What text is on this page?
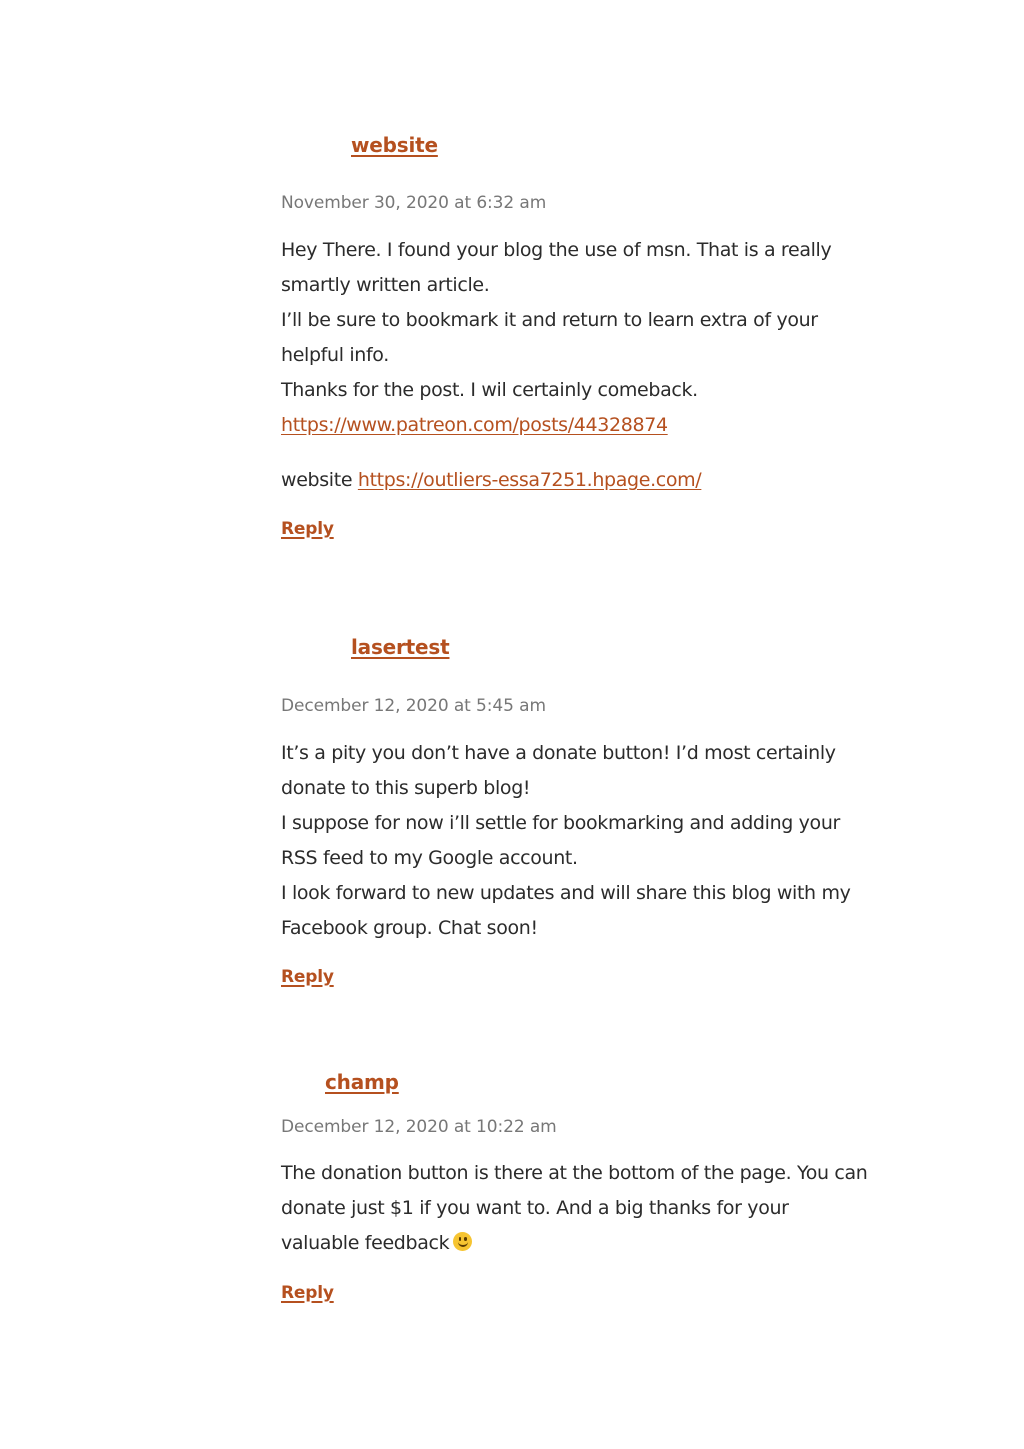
website
November 30, 2020 at 6:32 am

Hey There. I found your blog the use of msn. That is a really smartly written article.

I’ll be sure to bookmark it and return to learn extra of your helpful info.

Thanks for the post. I wil certainly comeback.

https://www.patreon.com/posts/44328874

website https://outliers-essa7251.hpage.com/

Reply
lasertest
December 12, 2020 at 5:45 am

It’s a pity you don’t have a donate button! I’d most certainly donate to this superb blog!

I suppose for now i’ll settle for bookmarking and adding your RSS feed to my Google account.

I look forward to new updates and will share this blog with my Facebook group. Chat soon!

Reply
champ
December 12, 2020 at 10:22 am

The donation button is there at the bottom of the page. You can donate just $1 if you want to. And a big thanks for your valuable feedback

Reply
